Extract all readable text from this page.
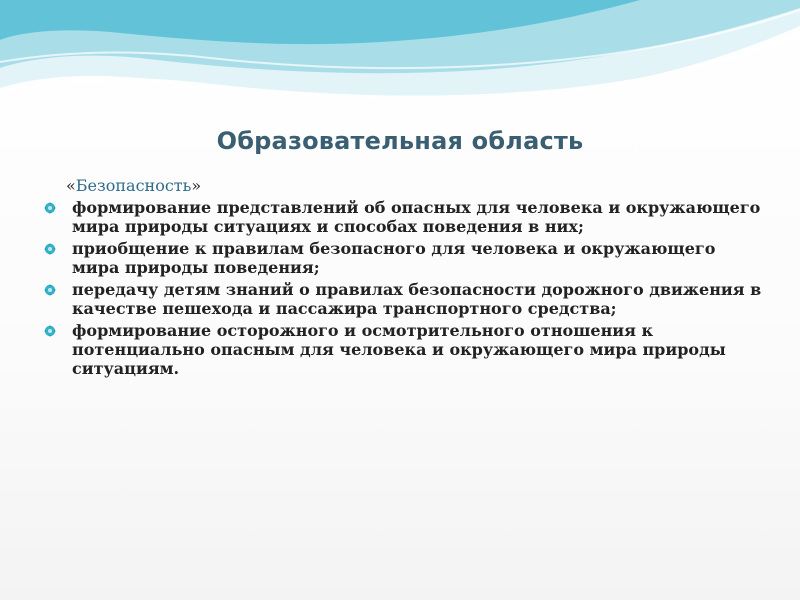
Образовательная область
«Безопасность»
формирование представлений об опасных для человека и окружающего мира природы ситуациях и способах поведения в них;
приобщение к правилам безопасного для человека и окружающего мира природы поведения;
передачу детям знаний о правилах безопасности дорожного движения в качестве пешехода и пассажира транспортного средства;
формирование осторожного и осмотрительного отношения к потенциально опасным для человека и окружающего мира природы ситуациям.
